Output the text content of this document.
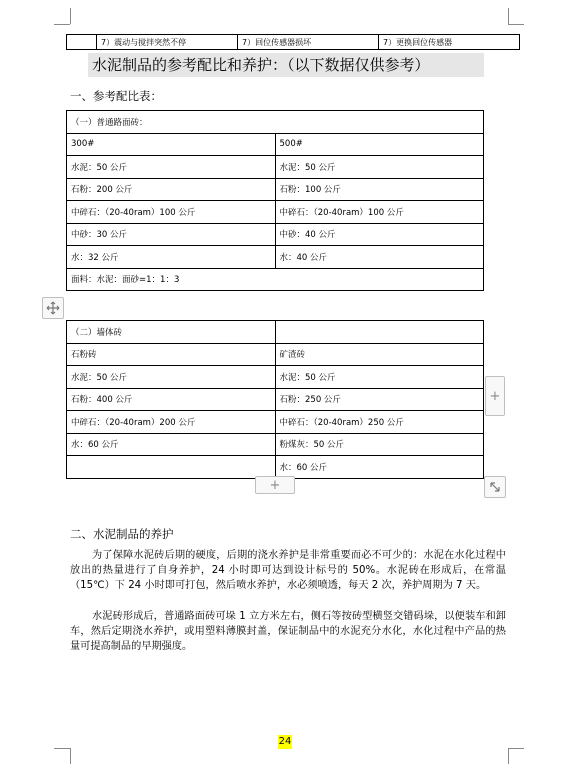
	7）震动与搅拌突然不停	7）回位传感器损坏	7）更换回位传感器
水泥制品的参考配比和养护：（以下数据仅供参考）
一、参考配比表：
（一）普通路面砖：	
300#	500#
水泥：50 公斤	水泥：50 公斤
石粉：200 公斤	石粉：100 公斤
中碎石：（20-40ram）100 公斤	中碎石：（20-40ram）100 公斤
中砂：30 公斤	中砂：40 公斤
水：32 公斤	水：40 公斤
面料：水泥：面砂=1：1：3	
（二）墙体砖	
石粉砖	矿渣砖
水泥：50 公斤	水泥：50 公斤
石粉：400 公斤	石粉：250 公斤
中碎石：（20-40ram）200 公斤	中碎石：（20-40ram）250 公斤
水：60 公斤	粉煤灰：50 公斤
	水：60 公斤
+
+
二、水泥制品的养护

为了保障水泥砖后期的硬度，后期的浇水养护是非常重要而必不可少的：水泥在水化过程中放出的热量进行了自身养护，24 小时即可达到设计标号的 50%。水泥砖在形成后，在常温（15℃）下 24 小时即可打包，然后喷水养护，水必须喷透，每天 2 次，养护周期为 7 天。

水泥砖形成后，普通路面砖可垛 1 立方米左右，侧石等按砖型横竖交错码垛，以便装车和卸车，然后定期浇水养护，或用塑料薄膜封盖，保证制品中的水泥充分水化，水化过程中产品的热量可提高制品的早期强度。

24
